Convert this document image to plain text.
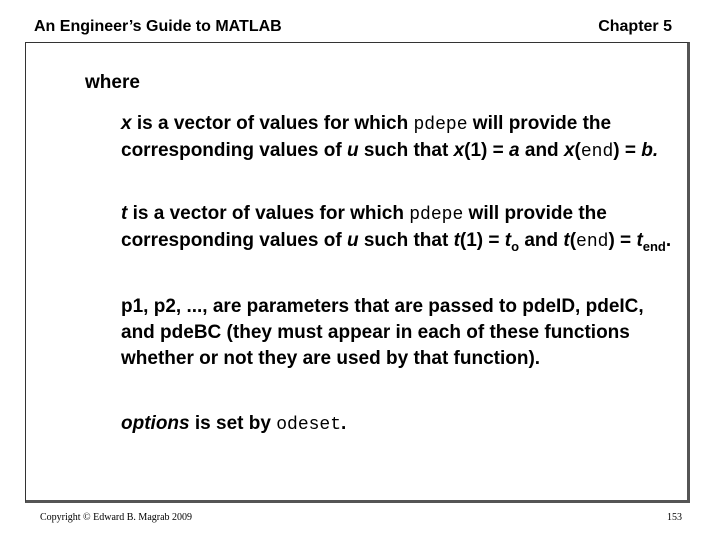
An Engineer’s Guide to MATLAB	Chapter 5
where

x is a vector of values for which pdepe will provide the corresponding values of u such that x(1) = a and x(end) = b.

t is a vector of values for which pdepe will provide the corresponding values of u such that $t(1) = t_o$ and $t(end) = t_{end}$.

p1, p2, ..., are parameters that are passed to pdeID, pdeIC, and pdeBC (they must appear in each of these functions whether or not they are used by that function).

options is set by odeset.

Copyright © Edward B. Magrab 2009	153
